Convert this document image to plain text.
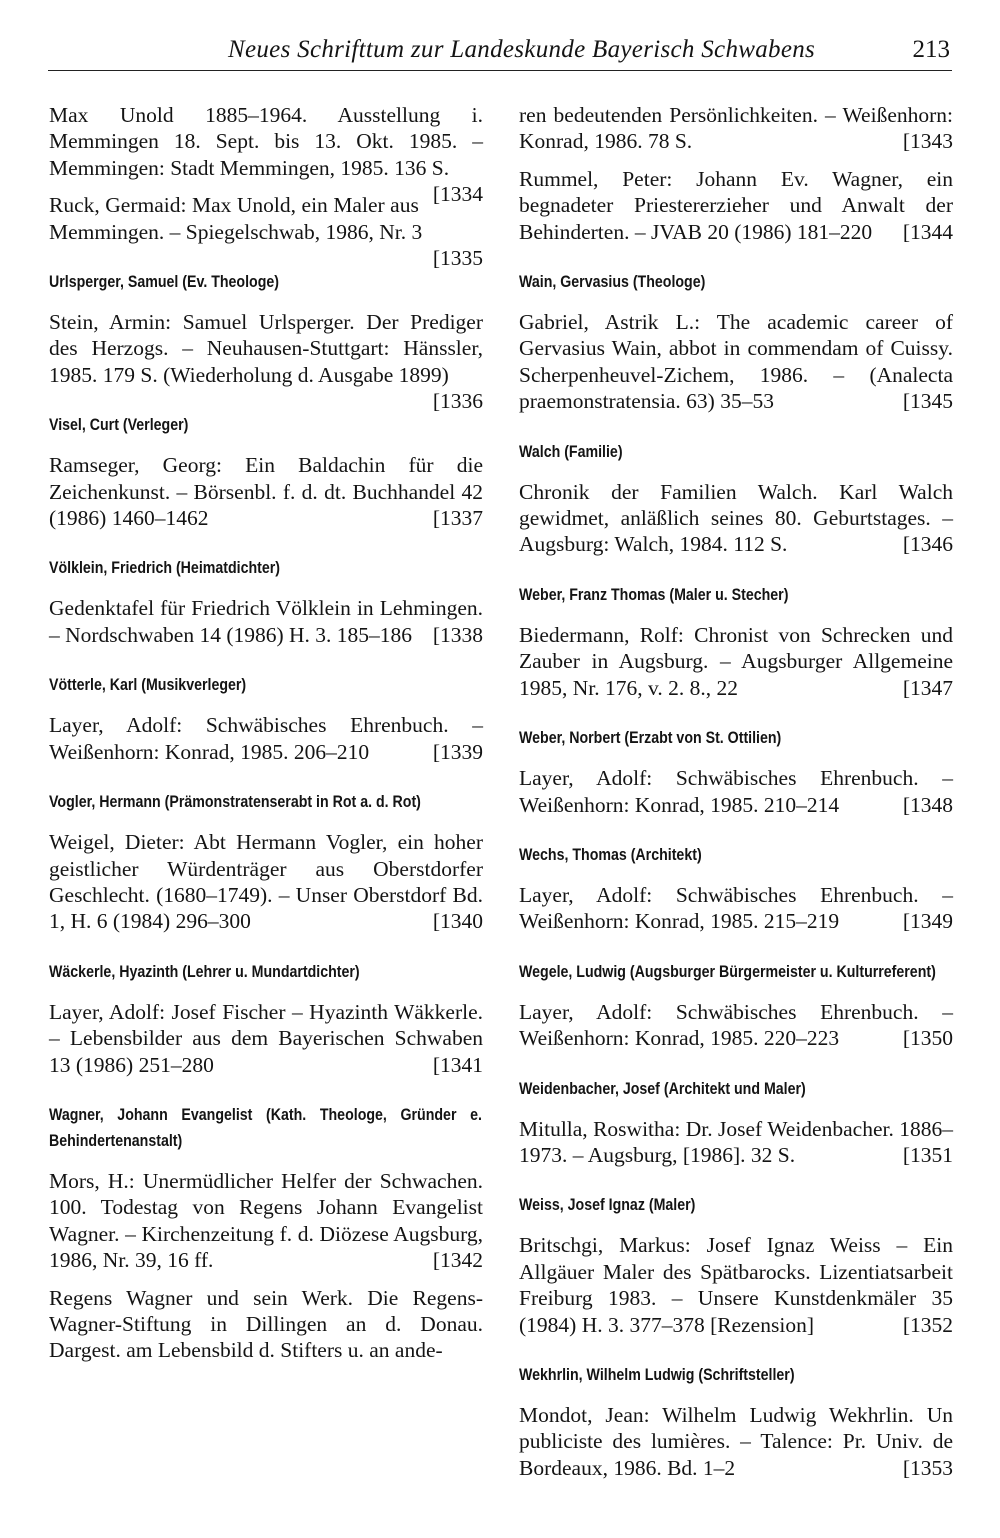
Neues Schrifttum zur Landeskunde Bayerisch Schwabens	213
Max Unold 1885–1964. Ausstellung i. Memmingen 18. Sept. bis 13. Okt. 1985. – Memmingen: Stadt Memmingen, 1985. 136 S.
[1334
Ruck, Germaid: Max Unold, ein Maler aus Memmingen. – Spiegelschwab, 1986, Nr. 3
[1335
Urlsperger, Samuel (Ev. Theologe)
Stein, Armin: Samuel Urlsperger. Der Prediger des Herzogs. – Neuhausen-Stuttgart: Hänssler, 1985. 179 S. (Wiederholung d. Ausgabe 1899)
[1336
Visel, Curt (Verleger)
Ramseger, Georg: Ein Baldachin für die Zeichenkunst. – Börsenbl. f. d. dt. Buchhandel 42 (1986) 1460–1462	[1337
Völklein, Friedrich (Heimatdichter)
Gedenktafel für Friedrich Völklein in Lehmingen. – Nordschwaben 14 (1986) H. 3. 185–186 [1338
Vötterle, Karl (Musikverleger)
Layer, Adolf: Schwäbisches Ehrenbuch. – Weißenhorn: Konrad, 1985. 206–210	[1339
Vogler, Hermann (Prämonstratenserabt in Rot a. d. Rot)
Weigel, Dieter: Abt Hermann Vogler, ein hoher geistlicher Würdenträger aus Oberstdorfer Geschlecht. (1680–1749). – Unser Oberstdorf Bd. 1, H. 6 (1984) 296–300	[1340
Wäckerle, Hyazinth (Lehrer u. Mundartdichter)
Layer, Adolf: Josef Fischer – Hyazinth Wäkkerle. – Lebensbilder aus dem Bayerischen Schwaben 13 (1986) 251–280	[1341
Wagner, Johann Evangelist (Kath. Theologe, Gründer e. Behindertenanstalt)
Mors, H.: Unermüdlicher Helfer der Schwachen. 100. Todestag von Regens Johann Evangelist Wagner. – Kirchenzeitung f. d. Diözese Augsburg, 1986, Nr. 39, 16 ff.	[1342
Regens Wagner und sein Werk. Die Regens-Wagner-Stiftung in Dillingen an d. Donau. Dargest. am Lebensbild d. Stifters u. an ande-
ren bedeutenden Persönlichkeiten. – Weißenhorn: Konrad, 1986. 78 S.	[1343
Rummel, Peter: Johann Ev. Wagner, ein begnadeter Priestererzieher und Anwalt der Behinderten. – JVAB 20 (1986) 181–220 [1344
Wain, Gervasius (Theologe)
Gabriel, Astrik L.: The academic career of Gervasius Wain, abbot in commendam of Cuissy. Scherpenheuvel-Zichem, 1986. – (Analecta praemonstratensia. 63) 35–53	[1345
Walch (Familie)
Chronik der Familien Walch. Karl Walch gewidmet, anläßlich seines 80. Geburtstages. – Augsburg: Walch, 1984. 112 S.	[1346
Weber, Franz Thomas (Maler u. Stecher)
Biedermann, Rolf: Chronist von Schrecken und Zauber in Augsburg. – Augsburger Allgemeine 1985, Nr. 176, v. 2. 8., 22	[1347
Weber, Norbert (Erzabt von St. Ottilien)
Layer, Adolf: Schwäbisches Ehrenbuch. – Weißenhorn: Konrad, 1985. 210–214	[1348
Wechs, Thomas (Architekt)
Layer, Adolf: Schwäbisches Ehrenbuch. – Weißenhorn: Konrad, 1985. 215–219	[1349
Wegele, Ludwig (Augsburger Bürgermeister u. Kulturreferent)
Layer, Adolf: Schwäbisches Ehrenbuch. – Weißenhorn: Konrad, 1985. 220–223	[1350
Weidenbacher, Josef (Architekt und Maler)
Mitulla, Roswitha: Dr. Josef Weidenbacher. 1886–1973. – Augsburg, [1986]. 32 S.	[1351
Weiss, Josef Ignaz (Maler)
Britschgi, Markus: Josef Ignaz Weiss – Ein Allgäuer Maler des Spätbarocks. Lizentiatsarbeit Freiburg 1983. – Unsere Kunstdenkmäler 35 (1984) H. 3. 377–378 [Rezension]	[1352
Wekhrlin, Wilhelm Ludwig (Schriftsteller)
Mondot, Jean: Wilhelm Ludwig Wekhrlin. Un publiciste des lumières. – Talence: Pr. Univ. de Bordeaux, 1986. Bd. 1–2	[1353
